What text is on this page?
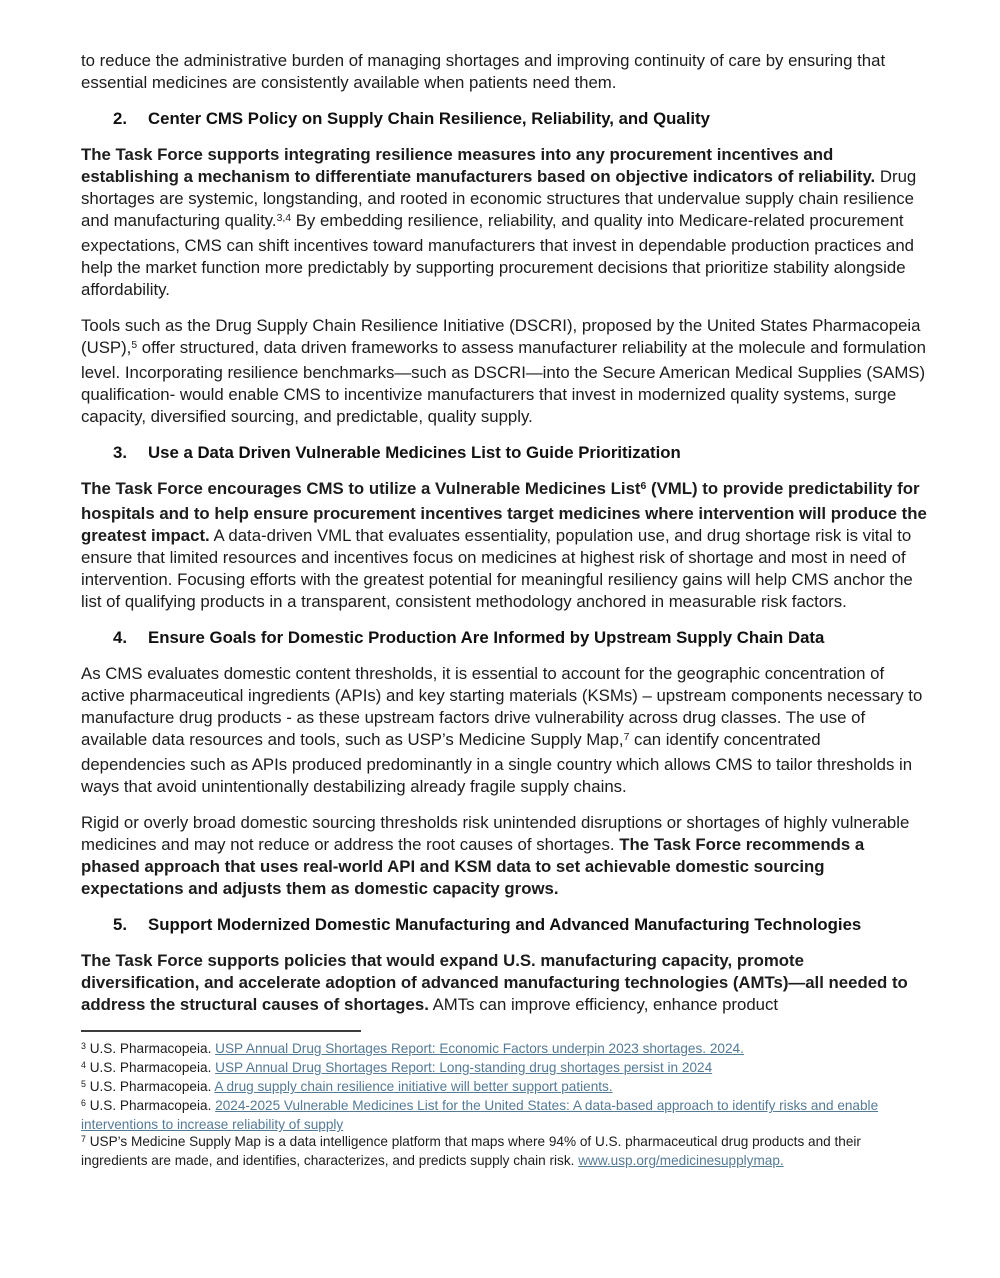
to reduce the administrative burden of managing shortages and improving continuity of care by ensuring that essential medicines are consistently available when patients need them.
2. Center CMS Policy on Supply Chain Resilience, Reliability, and Quality
The Task Force supports integrating resilience measures into any procurement incentives and establishing a mechanism to differentiate manufacturers based on objective indicators of reliability. Drug shortages are systemic, longstanding, and rooted in economic structures that undervalue supply chain resilience and manufacturing quality.$^{3,4}$ By embedding resilience, reliability, and quality into Medicare-related procurement expectations, CMS can shift incentives toward manufacturers that invest in dependable production practices and help the market function more predictably by supporting procurement decisions that prioritize stability alongside affordability.
Tools such as the Drug Supply Chain Resilience Initiative (DSCRI), proposed by the United States Pharmacopeia (USP),$^5$ offer structured, data driven frameworks to assess manufacturer reliability at the molecule and formulation level. Incorporating resilience benchmarks—such as DSCRI—into the Secure American Medical Supplies (SAMS) qualification- would enable CMS to incentivize manufacturers that invest in modernized quality systems, surge capacity, diversified sourcing, and predictable, quality supply.
3. Use a Data Driven Vulnerable Medicines List to Guide Prioritization
The Task Force encourages CMS to utilize a Vulnerable Medicines List$^6$ (VML) to provide predictability for hospitals and to help ensure procurement incentives target medicines where intervention will produce the greatest impact. A data-driven VML that evaluates essentiality, population use, and drug shortage risk is vital to ensure that limited resources and incentives focus on medicines at highest risk of shortage and most in need of intervention. Focusing efforts with the greatest potential for meaningful resiliency gains will help CMS anchor the list of qualifying products in a transparent, consistent methodology anchored in measurable risk factors.
4. Ensure Goals for Domestic Production Are Informed by Upstream Supply Chain Data
As CMS evaluates domestic content thresholds, it is essential to account for the geographic concentration of active pharmaceutical ingredients (APIs) and key starting materials (KSMs) – upstream components necessary to manufacture drug products - as these upstream factors drive vulnerability across drug classes. The use of available data resources and tools, such as USP’s Medicine Supply Map,$^7$ can identify concentrated dependencies such as APIs produced predominantly in a single country which allows CMS to tailor thresholds in ways that avoid unintentionally destabilizing already fragile supply chains.
Rigid or overly broad domestic sourcing thresholds risk unintended disruptions or shortages of highly vulnerable medicines and may not reduce or address the root causes of shortages. The Task Force recommends a phased approach that uses real-world API and KSM data to set achievable domestic sourcing expectations and adjusts them as domestic capacity grows.
5. Support Modernized Domestic Manufacturing and Advanced Manufacturing Technologies
The Task Force supports policies that would expand U.S. manufacturing capacity, promote diversification, and accelerate adoption of advanced manufacturing technologies (AMTs)—all needed to address the structural causes of shortages. AMTs can improve efficiency, enhance product
$^3$ U.S. Pharmacopeia. USP Annual Drug Shortages Report: Economic Factors underpin 2023 shortages. 2024.
$^4$ U.S. Pharmacopeia. USP Annual Drug Shortages Report: Long-standing drug shortages persist in 2024
$^5$ U.S. Pharmacopeia. A drug supply chain resilience initiative will better support patients.
$^6$ U.S. Pharmacopeia. 2024-2025 Vulnerable Medicines List for the United States: A data-based approach to identify risks and enable interventions to increase reliability of supply
$^7$ USP’s Medicine Supply Map is a data intelligence platform that maps where 94% of U.S. pharmaceutical drug products and their ingredients are made, and identifies, characterizes, and predicts supply chain risk. www.usp.org/medicinesupplymap.
